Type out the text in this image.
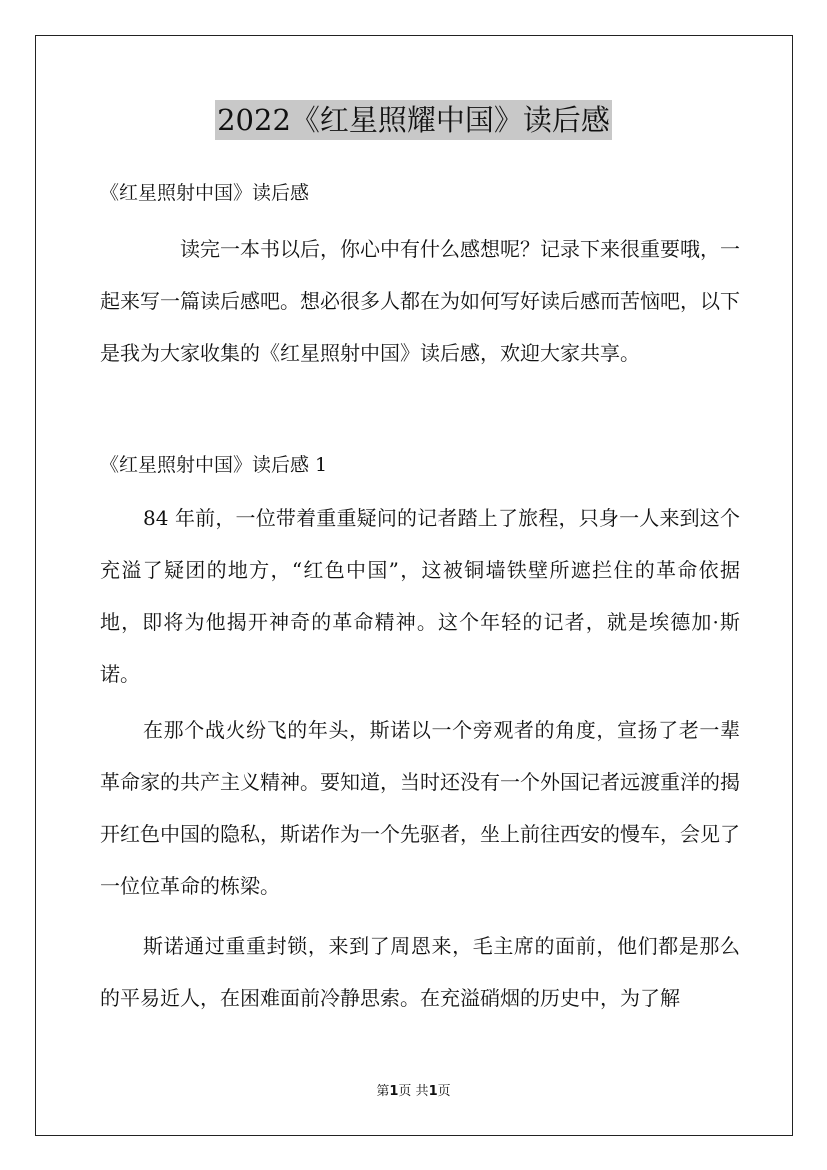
2022《红星照耀中国》读后感
《红星照射中国》读后感

读完一本书以后，你心中有什么感想呢？记录下来很重要哦，一起来写一篇读后感吧。想必很多人都在为如何写好读后感而苦恼吧，以下是我为大家收集的《红星照射中国》读后感，欢迎大家共享。

《红星照射中国》读后感 1

84 年前，一位带着重重疑问的记者踏上了旅程，只身一人来到这个充溢了疑团的地方，“红色中国”，这被铜墙铁壁所遮拦住的革命依据地，即将为他揭开神奇的革命精神。这个年轻的记者，就是埃德加·斯诺。

在那个战火纷飞的年头，斯诺以一个旁观者的角度，宣扬了老一辈革命家的共产主义精神。要知道，当时还没有一个外国记者远渡重洋的揭开红色中国的隐私，斯诺作为一个先驱者，坐上前往西安的慢车，会见了一位位革命的栋梁。

斯诺通过重重封锁，来到了周恩来，毛主席的面前，他们都是那么的平易近人，在困难面前冷静思索。在充溢硝烟的历史中，为了解

第1页 共1页
